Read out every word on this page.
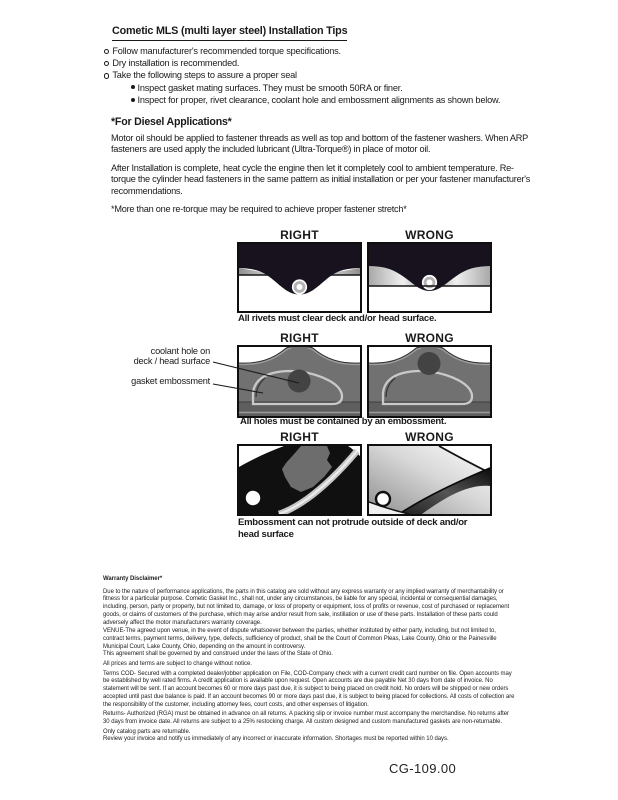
Cometic MLS (multi layer steel) Installation Tips
Follow manufacturer's recommended torque specifications.
Dry installation is recommended.
Take the following steps to assure a proper seal
Inspect gasket mating surfaces. They must be smooth 50RA or finer.
Inspect for proper, rivet clearance, coolant hole and embossment alignments as shown below.
*For Diesel Applications*
Motor oil should be applied to fastener threads as well as top and bottom of the fastener washers. When ARP fasteners are used apply the included lubricant (Ultra-Torque®) in place of motor oil.
After Installation is complete, heat cycle the engine then let it completely cool to ambient temperature. Re-torque the cylinder head fasteners in the same pattern as initial installation or per your fastener manufacturer's recommendations.
*More than one re-torque may be required to achieve proper fastener stretch*
RIGHT	WRONG
All rivets must clear deck and/or head surface.
RIGHT	WRONG
coolant hole on
deck / head surface
gasket embossment
All holes must be contained by an embossment.
RIGHT	WRONG
Embossment can not protrude outside of deck and/or head surface

Warranty Disclaimer*

Due to the nature of performance applications, the parts in this catalog are sold without any express warranty or any implied warranty of merchantability or fitness for a particular purpose. Cometic Gasket Inc., shall not, under any circumstances, be liable for any special, incidental or consequential damages, including, person, party or property, but not limited to, damage, or loss of property or equipment, loss of profits or revenue, cost of purchased or replacement goods, or claims of customers of the purchase, which may arise and/or result from sale, instillation or use of these parts. Installation of these parts could adversely affect the motor manufacturers warranty coverage.

VENUE-The agreed upon venue, in the event of dispute whatsoever between the parties, whether instituted by either party, including, but not limited to, contract terms, payment terms, delivery, type, defects, sufficiency of product, shall be the Court of Common Pleas, Lake County, Ohio or the Painesville Municipal Court, Lake County, Ohio, depending on the amount in controversy.

This agreement shall be governed by and construed under the laws of the State of Ohio.

All prices and terms are subject to change without notice.

Terms COD- Secured with a completed dealer/jobber application on File, COD-Company check with a current credit card number on file. Open accounts may be established by well rated firms. A credit application is available upon request. Open accounts are due payable Net 30 days from date of invoice. No statement will be sent. If an account becomes 60 or more days past due, it is subject to being placed on credit hold. No orders will be shipped or new orders accepted until past due balance is paid. If an account becomes 90 or more days past due, it is subject to being placed for collections. All costs of collection are the responsibility of the customer, including attorney fees, court costs, and other expenses of litigation.

Returns- Authorized (RGA) must be obtained in advance on all returns. A packing slip or invoice number must accompany the merchandise. No returns after 30 days from invoice date. All returns are subject to a 25% restocking charge. All custom designed and custom manufactured gaskets are non-returnable.

Only catalog parts are returnable.

Review your invoice and notify us immediately of any incorrect or inaccurate information. Shortages must be reported within 10 days.

CG-109.00
